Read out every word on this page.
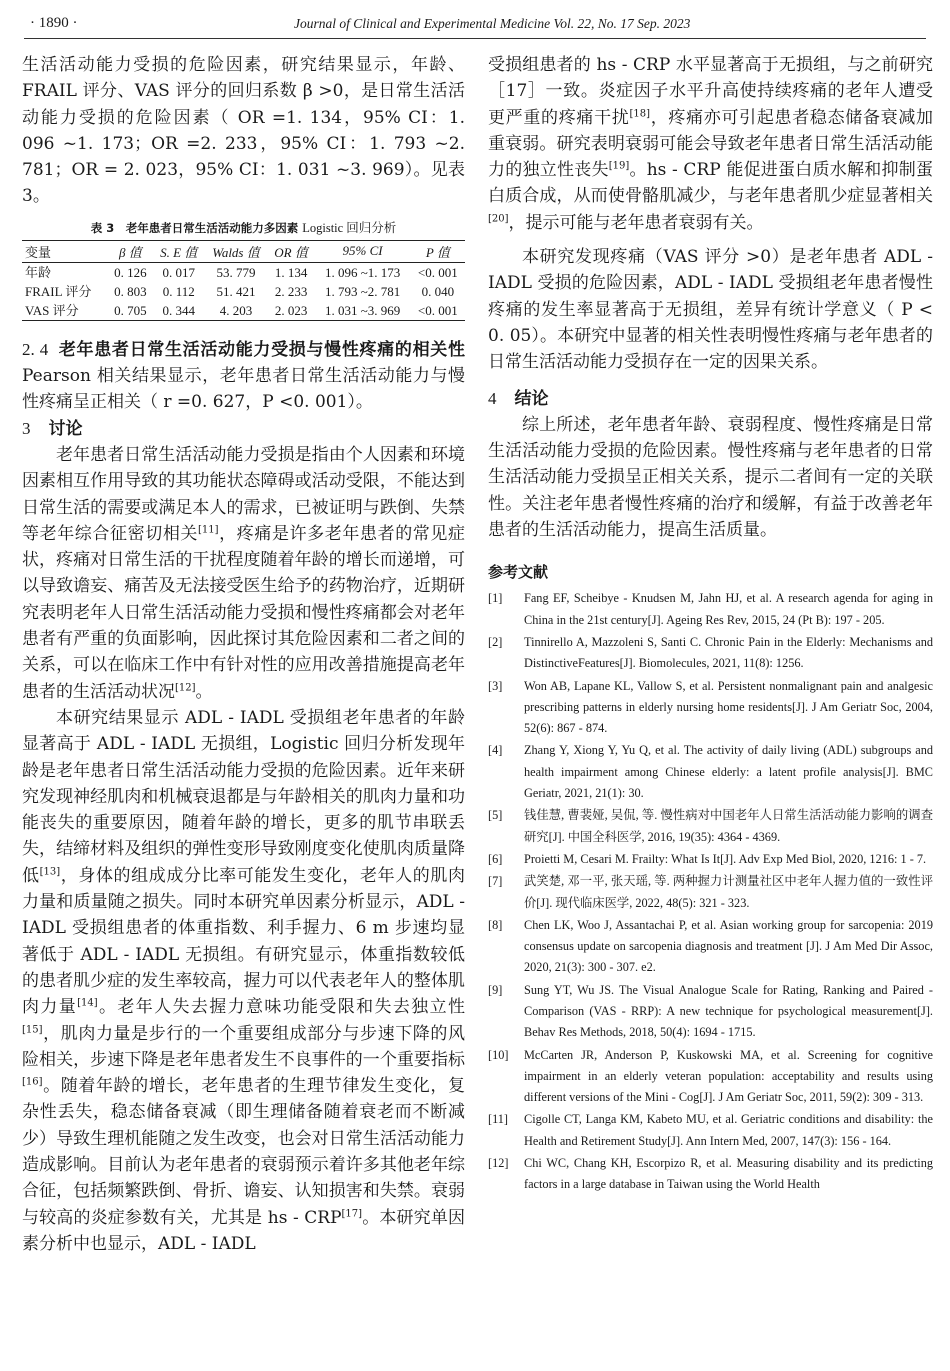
· 1890 ·	Journal of Clinical and Experimental Medicine Vol. 22, No. 17 Sep. 2023

生活活动能力受损的危险因素，研究结果显示，年龄、FRAIL 评分、VAS 评分的回归系数 β >0，是日常生活活动能力受损的危险因素（ OR =1. 134，95% CI：1. 096 ~1. 173；OR =2. 233，95% CI：1. 793 ~2. 781；OR = 2. 023，95% CI：1. 031 ~3. 969）。见表 3。

表 3　老年患者日常生活活动能力多因素 Logistic 回归分析
变量	β 值	S. E 值	Walds 值	OR 值	95% CI	P 值
年龄	0. 126	0. 017	53. 779	1. 134	1. 096 ~1. 173	<0. 001
FRAIL 评分	0. 803	0. 112	51. 421	2. 233	1. 793 ~2. 781	0. 040
VAS 评分	0. 705	0. 344	4. 203	2. 023	1. 031 ~3. 969	<0. 001

2. 4 老年患者日常生活活动能力受损与慢性疼痛的相关性 Pearson 相关结果显示，老年患者日常生活活动能力与慢性疼痛呈正相关（ r =0. 627，P <0. 001）。

3 讨论

老年患者日常生活活动能力受损是指由个人因素和环境因素相互作用导致的其功能状态障碍或活动受限，不能达到日常生活的需要或满足本人的需求，已被证明与跌倒、失禁等老年综合征密切相关[11]，疼痛是许多老年患者的常见症状，疼痛对日常生活的干扰程度随着年龄的增长而递增，可以导致谵妄、痛苦及无法接受医生给予的药物治疗，近期研究表明老年人日常生活活动能力受损和慢性疼痛都会对老年患者有严重的负面影响，因此探讨其危险因素和二者之间的关系，可以在临床工作中有针对性的应用改善措施提高老年患者的生活活动状况[12]。

本研究结果显示 ADL - IADL 受损组老年患者的年龄显著高于 ADL - IADL 无损组，Logistic 回归分析发现年龄是老年患者日常生活活动能力受损的危险因素。近年来研究发现神经肌肉和机械衰退都是与年龄相关的肌肉力量和功能丧失的重要原因，随着年龄的增长，更多的肌节串联丢失，结缔材料及组织的弹性变形导致刚度变化使肌肉质量降低[13]，身体的组成成分比率可能发生变化，老年人的肌肉力量和质量随之损失。同时本研究单因素分析显示，ADL - IADL 受损组患者的体重指数、利手握力、6 m 步速均显著低于 ADL - IADL 无损组。有研究显示，体重指数较低的患者肌少症的发生率较高，握力可以代表老年人的整体肌肉力量[14]。老年人失去握力意味功能受限和失去独立性[15]，肌肉力量是步行的一个重要组成部分与步速下降的风险相关，步速下降是老年患者发生不良事件的一个重要指标[16]。随着年龄的增长，老年患者的生理节律发生变化，复杂性丢失，稳态储备衰减（即生理储备随着衰老而不断减少）导致生理机能随之发生改变，也会对日常生活活动能力造成影响。目前认为老年患者的衰弱预示着许多其他老年综合征，包括频繁跌倒、骨折、谵妄、认知损害和失禁。衰弱与较高的炎症参数有关，尤其是 hs - CRP[17]。本研究单因素分析中也显示，ADL - IADL

受损组患者的 hs - CRP 水平显著高于无损组，与之前研究［17］一致。炎症因子水平升高使持续疼痛的老年人遭受更严重的疼痛干扰[18]，疼痛亦可引起患者稳态储备衰减加重衰弱。研究表明衰弱可能会导致老年患者日常生活活动能力的独立性丧失[19]。hs - CRP 能促进蛋白质水解和抑制蛋白质合成，从而使骨骼肌减少，与老年患者肌少症显著相关[20]，提示可能与老年患者衰弱有关。

本研究发现疼痛（VAS 评分 >0）是老年患者 ADL - IADL 受损的危险因素，ADL - IADL 受损组老年患者慢性疼痛的发生率显著高于无损组，差异有统计学意义（ P < 0. 05）。本研究中显著的相关性表明慢性疼痛与老年患者的日常生活活动能力受损存在一定的因果关系。

4 结论

综上所述，老年患者年龄、衰弱程度、慢性疼痛是日常生活活动能力受损的危险因素。慢性疼痛与老年患者的日常生活活动能力受损呈正相关关系，提示二者间有一定的关联性。关注老年患者慢性疼痛的治疗和缓解，有益于改善老年患者的生活活动能力，提高生活质量。

参考文献
[1] Fang EF, Scheibye - Knudsen M, Jahn HJ, et al. A research agenda for aging in China in the 21st century[J]. Ageing Res Rev, 2015, 24 (Pt B): 197 - 205.
[2] Tinnirello A, Mazzoleni S, Santi C. Chronic Pain in the Elderly: Mechanisms and DistinctiveFeatures[J]. Biomolecules, 2021, 11(8): 1256.
[3] Won AB, Lapane KL, Vallow S, et al. Persistent nonmalignant pain and analgesic prescribing patterns in elderly nursing home residents[J]. J Am Geriatr Soc, 2004, 52(6): 867 - 874.
[4] Zhang Y, Xiong Y, Yu Q, et al. The activity of daily living (ADL) subgroups and health impairment among Chinese elderly: a latent profile analysis[J]. BMC Geriatr, 2021, 21(1): 30.
[5] 钱佳慧, 曹裴娅, 吴侃, 等. 慢性病对中国老年人日常生活活动能力影响的调查研究[J]. 中国全科医学, 2016, 19(35): 4364 - 4369.
[6] Proietti M, Cesari M. Frailty: What Is It[J]. Adv Exp Med Biol, 2020, 1216: 1 - 7.
[7] 武笑楚, 邓一平, 张天瑶, 等. 两种握力计测量社区中老年人握力值的一致性评价[J]. 现代临床医学, 2022, 48(5): 321 - 323.
[8] Chen LK, Woo J, Assantachai P, et al. Asian working group for sarcopenia: 2019 consensus update on sarcopenia diagnosis and treatment [J]. J Am Med Dir Assoc, 2020, 21(3): 300 - 307. e2.
[9] Sung YT, Wu JS. The Visual Analogue Scale for Rating, Ranking and Paired - Comparison (VAS - RRP): A new technique for psychological measurement[J]. Behav Res Methods, 2018, 50(4): 1694 - 1715.
[10] McCarten JR, Anderson P, Kuskowski MA, et al. Screening for cognitive impairment in an elderly veteran population: acceptability and results using different versions of the Mini - Cog[J]. J Am Geriatr Soc, 2011, 59(2): 309 - 313.
[11] Cigolle CT, Langa KM, Kabeto MU, et al. Geriatric conditions and disability: the Health and Retirement Study[J]. Ann Intern Med, 2007, 147(3): 156 - 164.
[12] Chi WC, Chang KH, Escorpizo R, et al. Measuring disability and its predicting factors in a large database in Taiwan using the World Health
